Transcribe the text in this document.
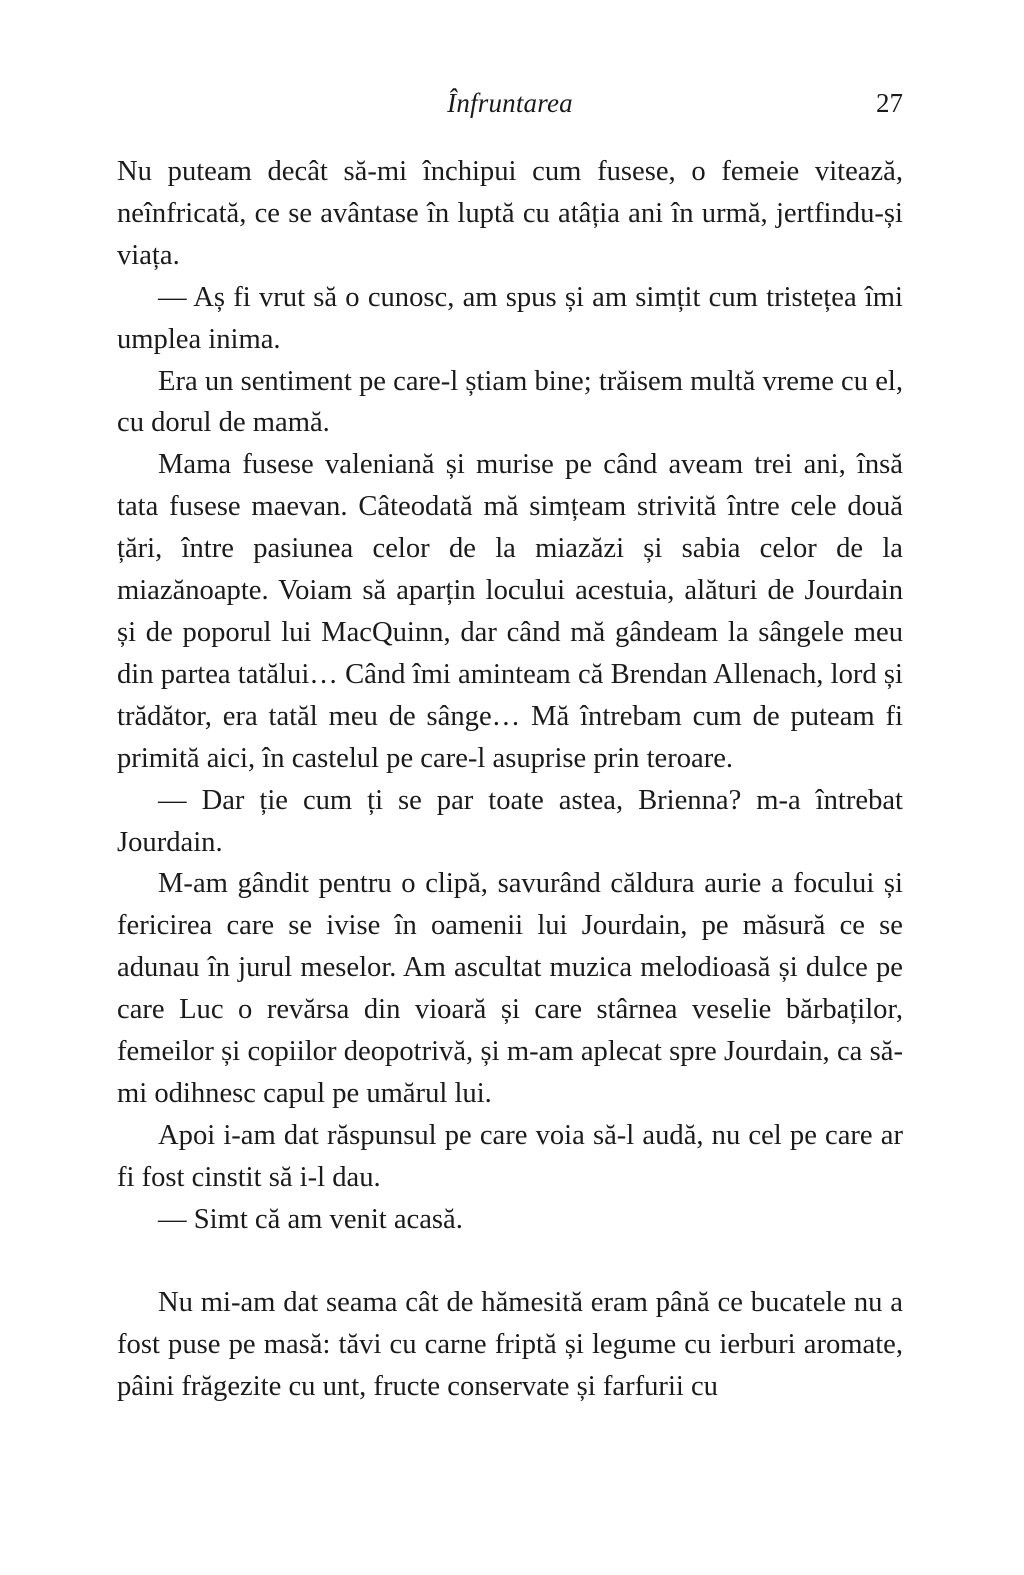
Înfruntarea	27

Nu puteam decât să-mi închipui cum fusese, o femeie vitează, neînfricată, ce se avântase în luptă cu atâția ani în urmă, jertfindu-și viața.

— Aș fi vrut să o cunosc, am spus și am simțit cum tristețea îmi umplea inima.

Era un sentiment pe care-l știam bine; trăisem multă vreme cu el, cu dorul de mamă.

Mama fusese valeniană și murise pe când aveam trei ani, însă tata fusese maevan. Câteodată mă simțeam strivită între cele două țări, între pasiunea celor de la miazăzi și sabia celor de la miazănoapte. Voiam să aparțin locului acestuia, alături de Jourdain și de poporul lui MacQuinn, dar când mă gândeam la sângele meu din partea tatălui… Când îmi aminteam că Brendan Allenach, lord și trădător, era tatăl meu de sânge… Mă întrebam cum de puteam fi primită aici, în castelul pe care-l asuprise prin teroare.

— Dar ție cum ți se par toate astea, Brienna? m-a întrebat Jourdain.

M-am gândit pentru o clipă, savurând căldura aurie a focului și fericirea care se ivise în oamenii lui Jourdain, pe măsură ce se adunau în jurul meselor. Am ascultat muzica melodioasă și dulce pe care Luc o revărsa din vioară și care stârnea veselie bărbaților, femeilor și copiilor deopotrivă, și m-am aplecat spre Jourdain, ca să-mi odihnesc capul pe umărul lui.

Apoi i-am dat răspunsul pe care voia să-l audă, nu cel pe care ar fi fost cinstit să i-l dau.

— Simt că am venit acasă.

Nu mi-am dat seama cât de hămesită eram până ce bucatele nu a fost puse pe masă: tăvi cu carne friptă și legume cu ierburi aromate, pâini frăgezite cu unt, fructe conservate și farfurii cu
